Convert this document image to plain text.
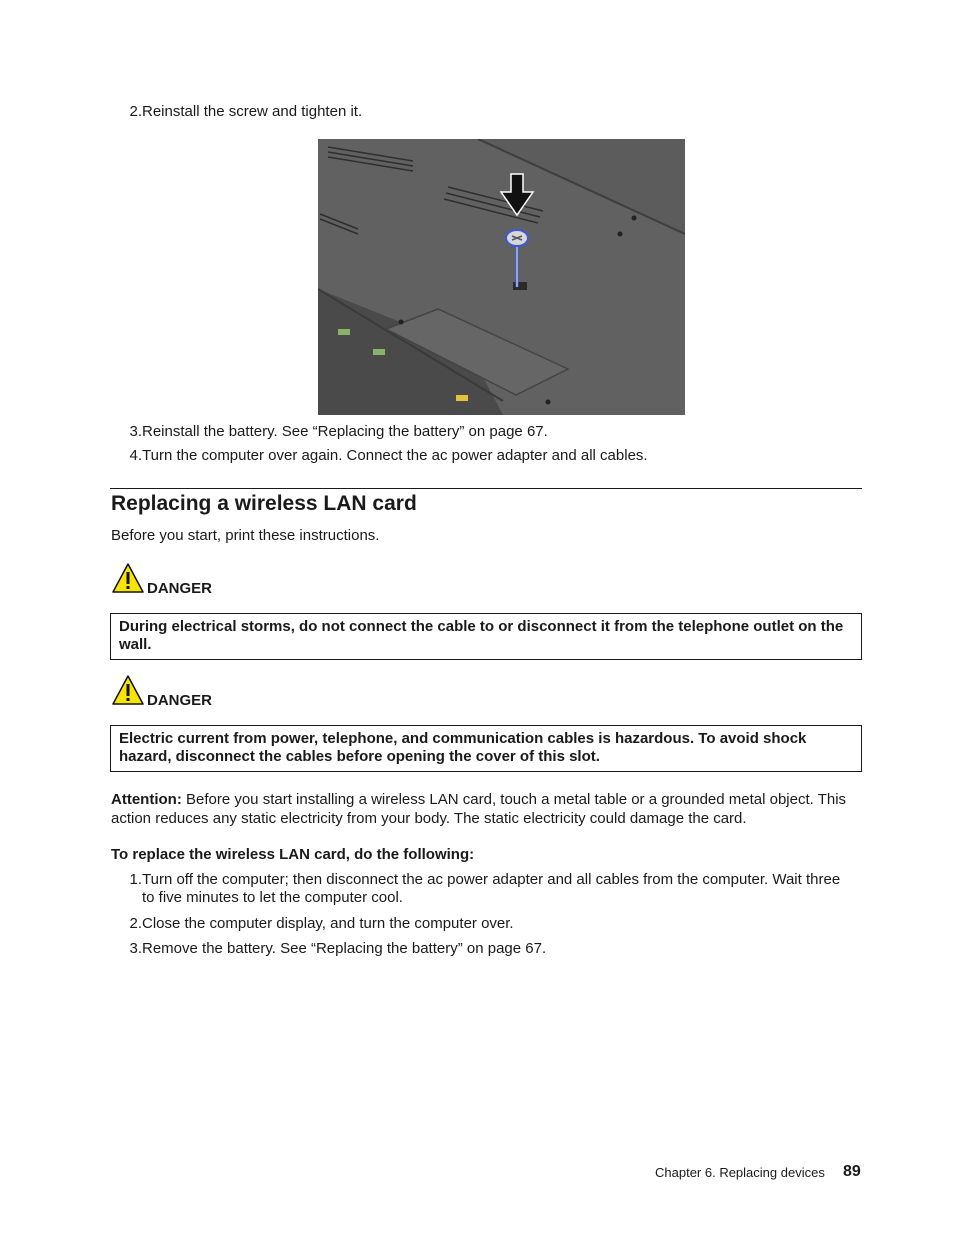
2. Reinstall the screw and tighten it.
3. Reinstall the battery. See “Replacing the battery” on page 67.
4. Turn the computer over again. Connect the ac power adapter and all cables.
Replacing a wireless LAN card
Before you start, print these instructions.
DANGER
During electrical storms, do not connect the cable to or disconnect it from the telephone outlet on the wall.
DANGER
Electric current from power, telephone, and communication cables is hazardous. To avoid shock hazard, disconnect the cables before opening the cover of this slot.
Attention: Before you start installing a wireless LAN card, touch a metal table or a grounded metal object. This action reduces any static electricity from your body. The static electricity could damage the card.
To replace the wireless LAN card, do the following:
1. Turn off the computer; then disconnect the ac power adapter and all cables from the computer. Wait three to five minutes to let the computer cool.
2. Close the computer display, and turn the computer over.
3. Remove the battery. See “Replacing the battery” on page 67.
Chapter 6. Replacing devices 89
